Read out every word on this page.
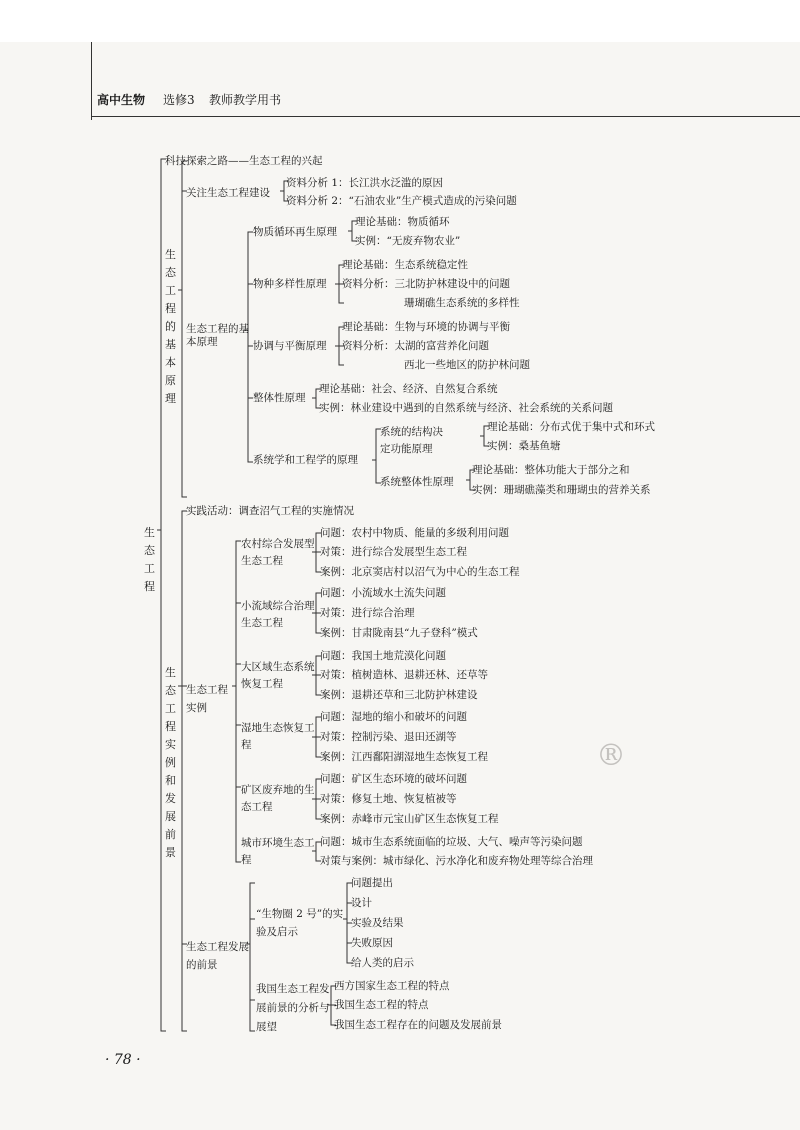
高中生物 选修3 教师教学用书
生态工程
生态工程的基本原理
生态工程实例和发展前景
科技探索之路——生态工程的兴起
关注生态工程建设
资料分析 1：长江洪水泛滥的原因
资料分析 2：“石油农业”生产模式造成的污染问题
生态工程的基本原理
物质循环再生原理
理论基础：物质循环
实例：“无废弃物农业”
物种多样性原理
理论基础：生态系统稳定性
资料分析：三北防护林建设中的问题
珊瑚礁生态系统的多样性
协调与平衡原理
理论基础：生物与环境的协调与平衡
资料分析：太湖的富营养化问题
西北一些地区的防护林问题
整体性原理
理论基础：社会、经济、自然复合系统
实例：林业建设中遇到的自然系统与经济、社会系统的关系问题
系统学和工程学的原理
系统的结构决定功能原理
理论基础：分布式优于集中式和环式
实例：桑基鱼塘
系统整体性原理
理论基础：整体功能大于部分之和
实例：珊瑚礁藻类和珊瑚虫的营养关系
实践活动：调查沼气工程的实施情况
生态工程实例
农村综合发展型生态工程
问题：农村中物质、能量的多级利用问题
对策：进行综合发展型生态工程
案例：北京窦店村以沼气为中心的生态工程
小流域综合治理生态工程
问题：小流域水土流失问题
对策：进行综合治理
案例：甘肃陇南县“九子登科”模式
大区域生态系统恢复工程
问题：我国土地荒漠化问题
对策：植树造林、退耕还林、还草等
案例：退耕还草和三北防护林建设
湿地生态恢复工程
问题：湿地的缩小和破坏的问题
对策：控制污染、退田还湖等
案例：江西鄱阳湖湿地生态恢复工程
矿区废弃地的生态工程
问题：矿区生态环境的破坏问题
对策：修复土地、恢复植被等
案例：赤峰市元宝山矿区生态恢复工程
城市环境生态工程
问题：城市生态系统面临的垃圾、大气、噪声等污染问题
对策与案例：城市绿化、污水净化和废弃物处理等综合治理
生态工程发展的前景
“生物圈 2 号”的实验及启示
问题提出
设计
实验及结果
失败原因
给人类的启示
我国生态工程发展前景的分析与展望
西方国家生态工程的特点
我国生态工程的特点
我国生态工程存在的问题及发展前景
®
· 78 ·
